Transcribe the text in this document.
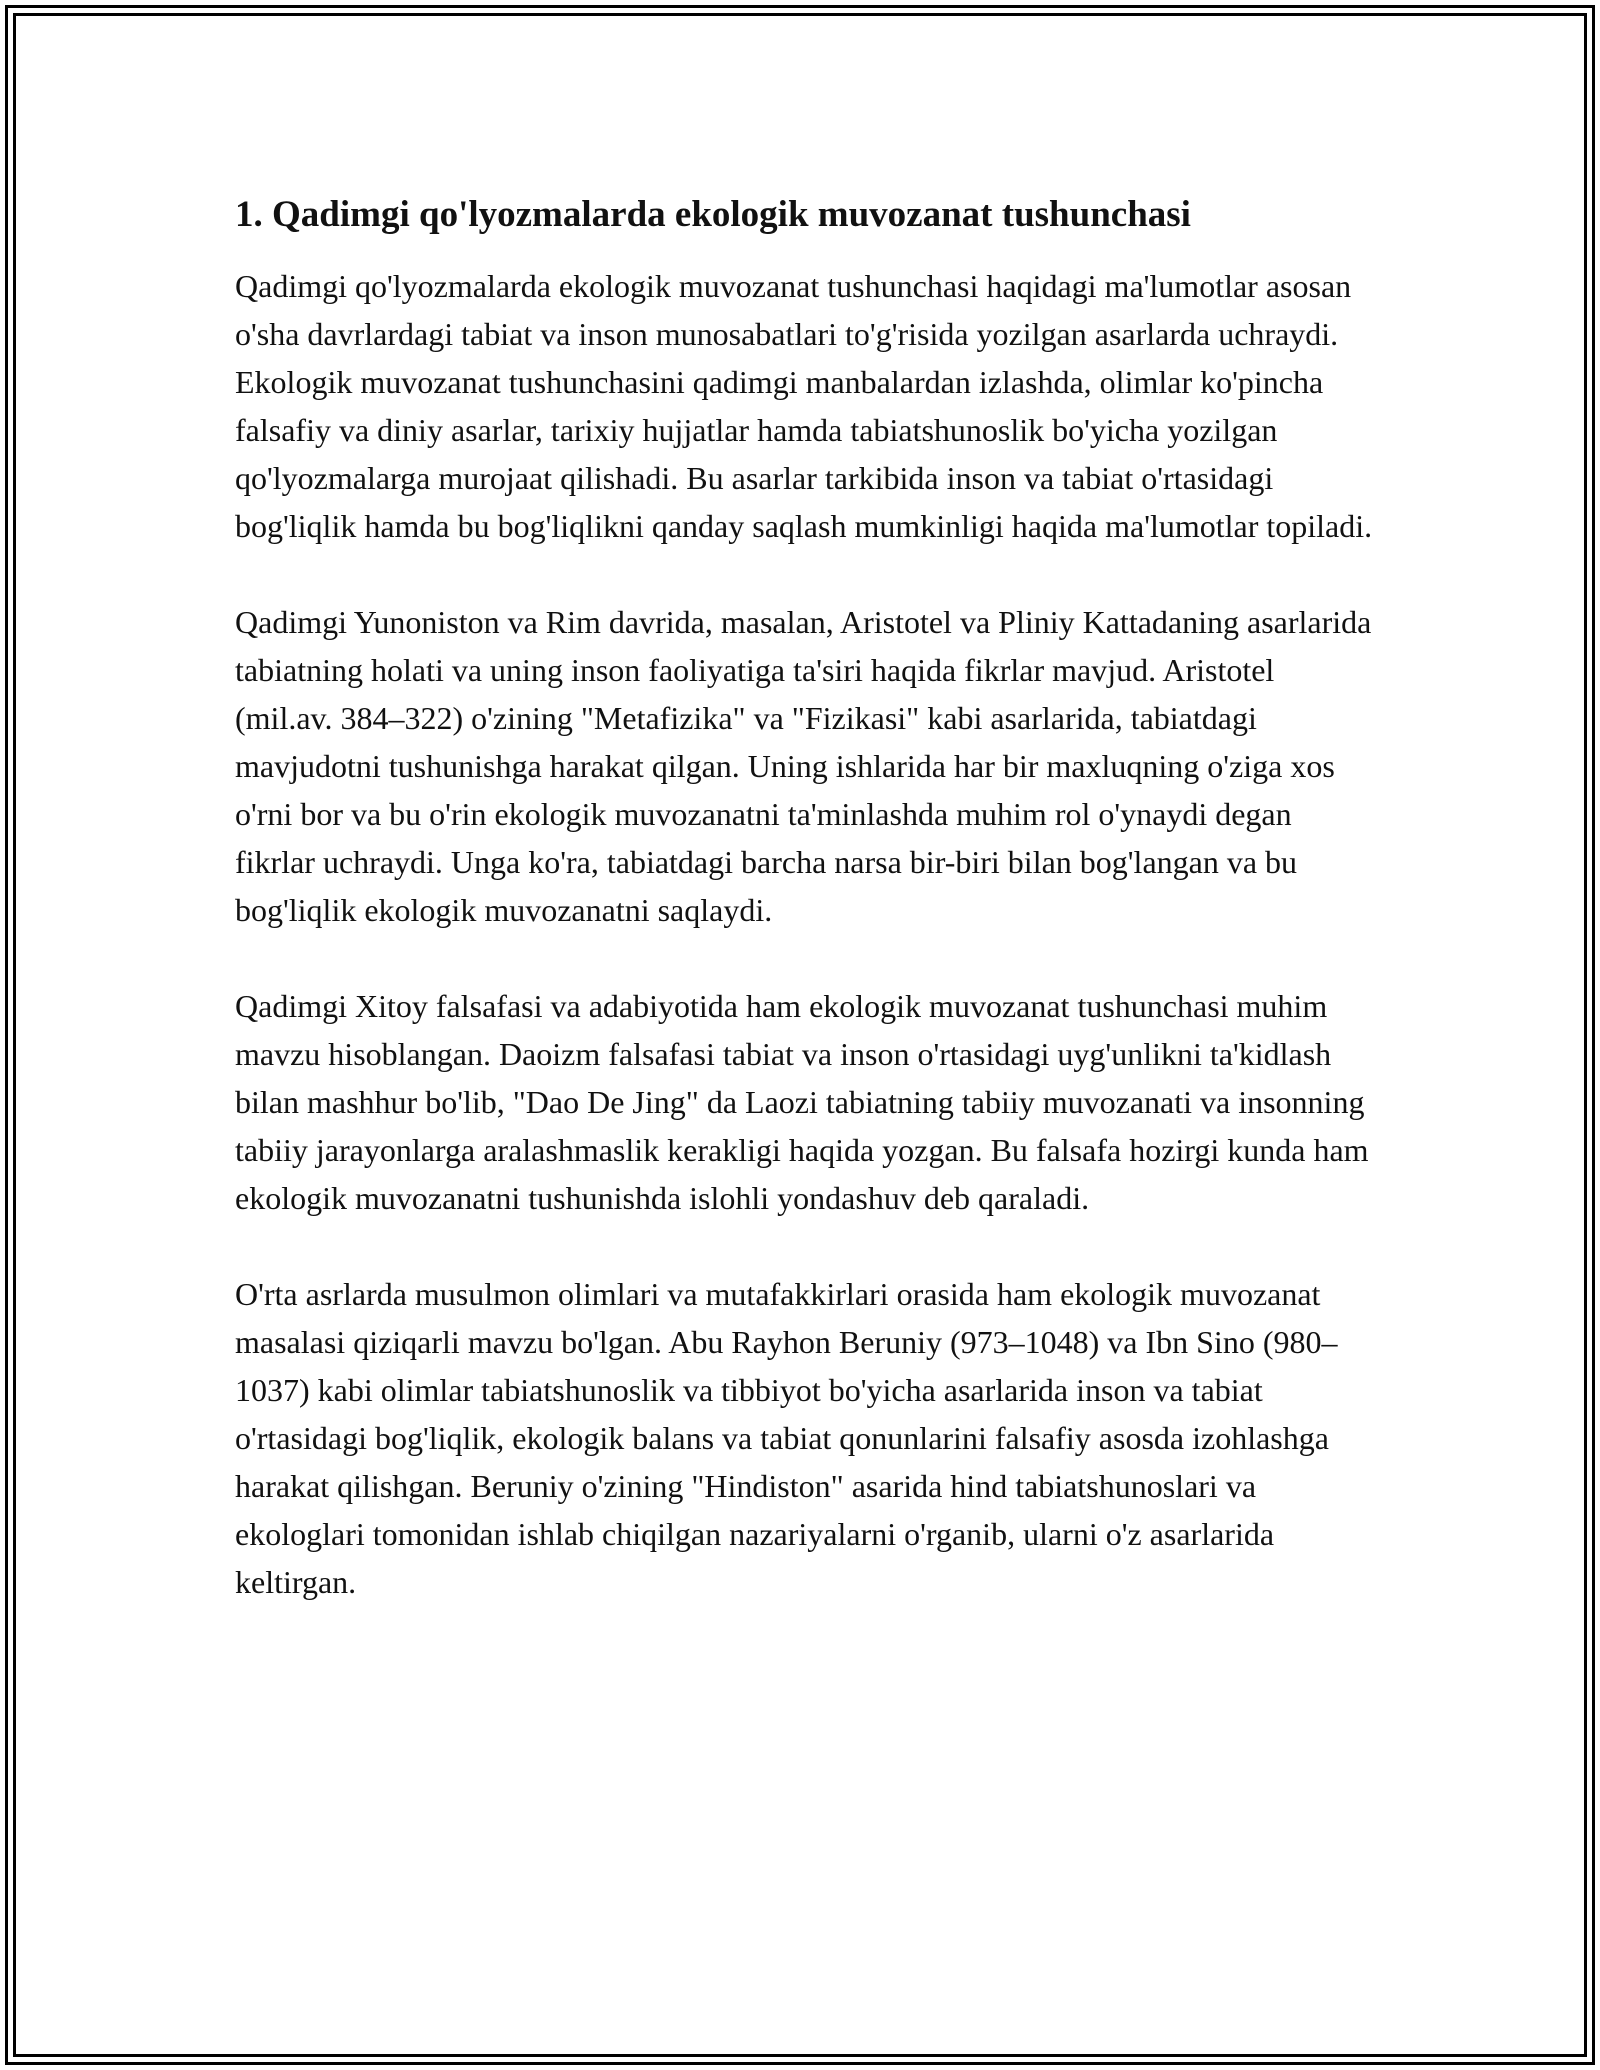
1. Qadimgi qo'lyozmalarda ekologik muvozanat tushunchasi

Qadimgi qo'lyozmalarda ekologik muvozanat tushunchasi haqidagi ma'lumotlar asosan o'sha davrlardagi tabiat va inson munosabatlari to'g'risida yozilgan asarlarda uchraydi. Ekologik muvozanat tushunchasini qadimgi manbalardan izlashda, olimlar ko'pincha falsafiy va diniy asarlar, tarixiy hujjatlar hamda tabiatshunoslik bo'yicha yozilgan qo'lyozmalarga murojaat qilishadi. Bu asarlar tarkibida inson va tabiat o'rtasidagi bog'liqlik hamda bu bog'liqlikni qanday saqlash mumkinligi haqida ma'lumotlar topiladi.

Qadimgi Yunoniston va Rim davrida, masalan, Aristotel va Pliniy Kattadaning asarlarida tabiatning holati va uning inson faoliyatiga ta'siri haqida fikrlar mavjud. Aristotel (mil.av. 384–322) o'zining "Metafizika" va "Fizikasi" kabi asarlarida, tabiatdagi mavjudotni tushunishga harakat qilgan. Uning ishlarida har bir maxluqning o'ziga xos o'rni bor va bu o'rin ekologik muvozanatni ta'minlashda muhim rol o'ynaydi degan fikrlar uchraydi. Unga ko'ra, tabiatdagi barcha narsa bir-biri bilan bog'langan va bu bog'liqlik ekologik muvozanatni saqlaydi.

Qadimgi Xitoy falsafasi va adabiyotida ham ekologik muvozanat tushunchasi muhim mavzu hisoblangan. Daoizm falsafasi tabiat va inson o'rtasidagi uyg'unlikni ta'kidlash bilan mashhur bo'lib, "Dao De Jing" da Laozi tabiatning tabiiy muvozanati va insonning tabiiy jarayonlarga aralashmaslik kerakligi haqida yozgan. Bu falsafa hozirgi kunda ham ekologik muvozanatni tushunishda islohli yondashuv deb qaraladi.

O'rta asrlarda musulmon olimlari va mutafakkirlari orasida ham ekologik muvozanat masalasi qiziqarli mavzu bo'lgan. Abu Rayhon Beruniy (973–1048) va Ibn Sino (980–1037) kabi olimlar tabiatshunoslik va tibbiyot bo'yicha asarlarida inson va tabiat o'rtasidagi bog'liqlik, ekologik balans va tabiat qonunlarini falsafiy asosda izohlashga harakat qilishgan. Beruniy o'zining "Hindiston" asarida hind tabiatshunoslari va ekologlari tomonidan ishlab chiqilgan nazariyalarni o'rganib, ularni o'z asarlarida keltirgan.
